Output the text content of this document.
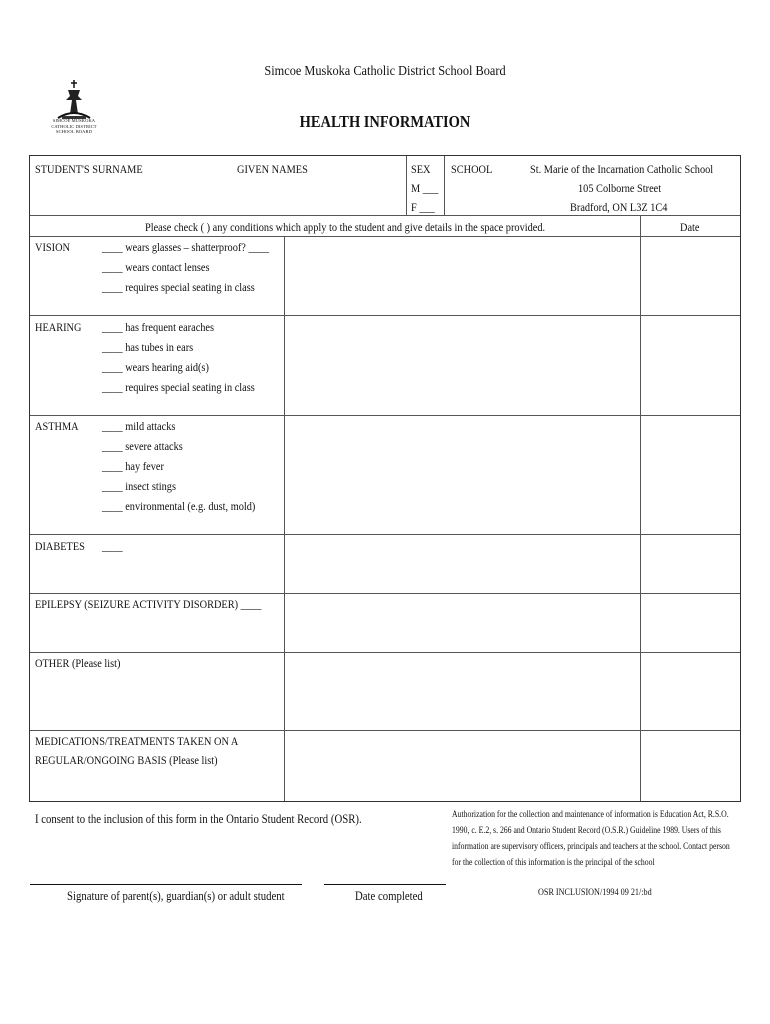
SIMCOE MUSKOKA CATHOLIC DISTRICT SCHOOL BOARD
Simcoe Muskoka Catholic District School Board
HEALTH INFORMATION
STUDENT'S SURNAME	GIVEN NAMES	SEX
M ___
F ___
SCHOOL	St. Marie of the Incarnation Catholic School
105 Colborne Street
Bradford, ON L3Z 1C4
Please check ( ) any conditions which apply to the student and give details in the space provided.	Date
VISION	____ wears glasses – shatterproof? ____
____ wears contact lenses
____ requires special seating in class
HEARING ____ has frequent earaches
____ has tubes in ears
____ wears hearing aid(s)
____ requires special seating in class
ASTHMA ____ mild attacks
____ severe attacks
____ hay fever
____ insect stings
____ environmental (e.g. dust, mold)
DIABETES ____
EPILEPSY (SEIZURE ACTIVITY DISORDER) ____
OTHER (Please list)
MEDICATIONS/TREATMENTS TAKEN ON A
REGULAR/ONGOING BASIS (Please list)
I consent to the inclusion of this form in the Ontario Student Record (OSR).	Authorization for the collection and maintenance of information is Education Act, R.S.O.
1990, c. E.2, s. 266 and Ontario Student Record (O.S.R.) Guideline 1989. Users of this
information are supervisory officers, principals and teachers at the school. Contact person
for the collection of this information is the principal of the school
Signature of parent(s), guardian(s) or adult student	Date completed	OSR INCLUSION/1994 09 21/:bd
